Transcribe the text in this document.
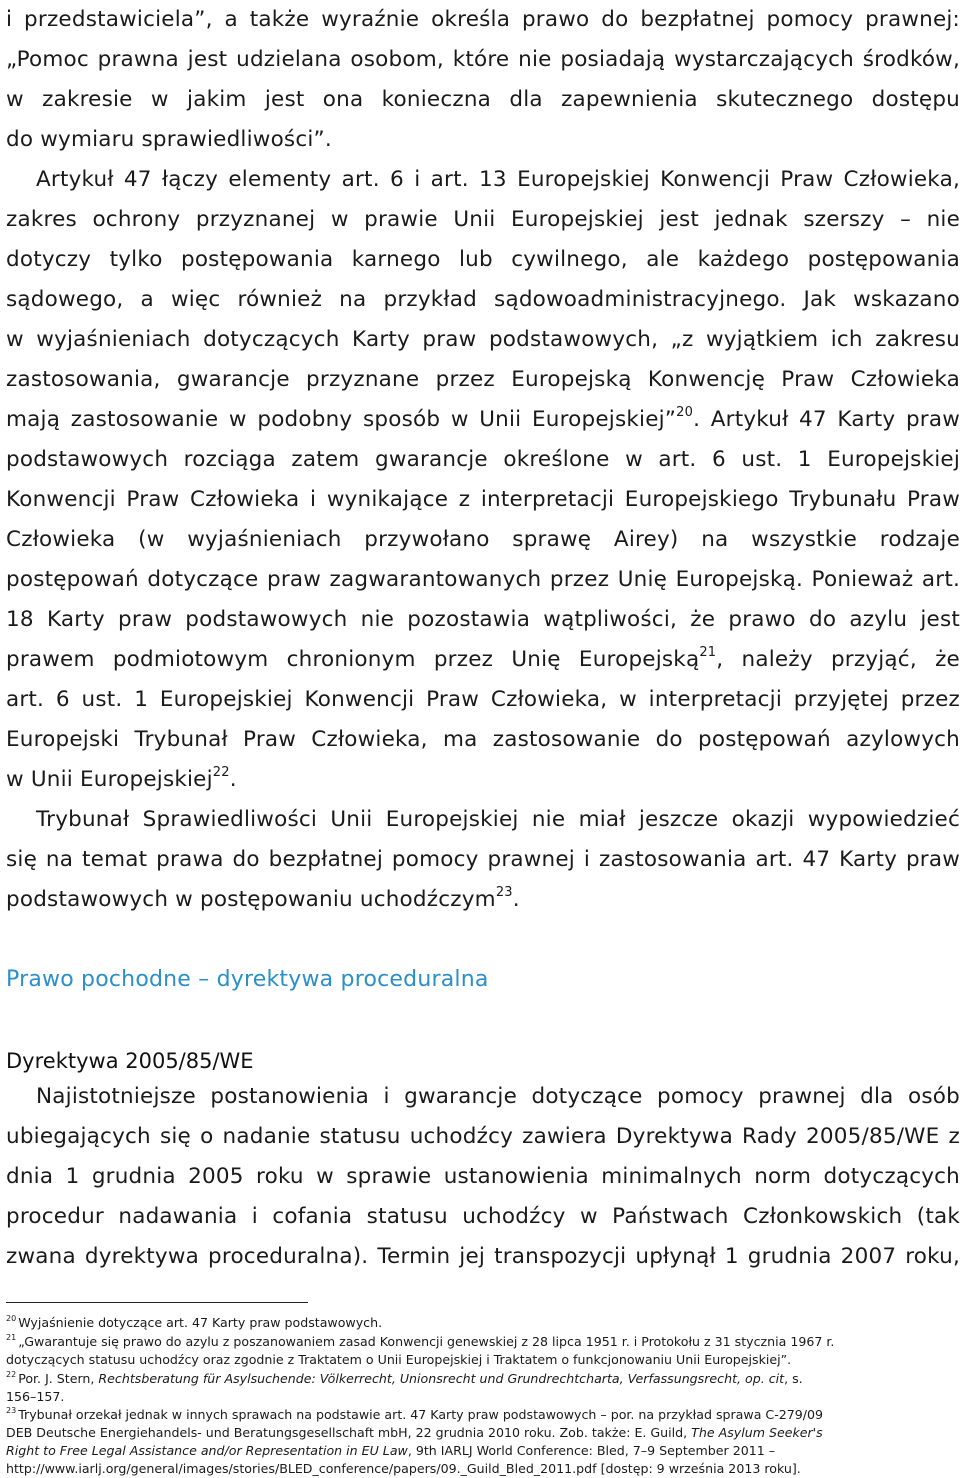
i przedstawiciela”, a także wyraźnie określa prawo do bezpłatnej pomocy prawnej:
„Pomoc prawna jest udzielana osobom, które nie posiadają wystarczających środków,
w zakresie w jakim jest ona konieczna dla zapewnienia skutecznego dostępu
do wymiaru sprawiedliwości”.
Artykuł 47 łączy elementy art. 6 i art. 13 Europejskiej Konwencji Praw Człowieka,
zakres ochrony przyznanej w prawie Unii Europejskiej jest jednak szerszy – nie
dotyczy tylko postępowania karnego lub cywilnego, ale każdego postępowania
sądowego, a więc również na przykład sądowoadministracyjnego. Jak wskazano
w wyjaśnieniach dotyczących Karty praw podstawowych, „z wyjątkiem ich zakresu
zastosowania, gwarancje przyznane przez Europejską Konwencję Praw Człowieka
mają zastosowanie w podobny sposób w Unii Europejskiej”$^{20}$. Artykuł 47 Karty praw
podstawowych rozciąga zatem gwarancje określone w art. 6 ust. 1 Europejskiej
Konwencji Praw Człowieka i wynikające z interpretacji Europejskiego Trybunału Praw
Człowieka (w wyjaśnieniach przywołano sprawę Airey) na wszystkie rodzaje
postępowań dotyczące praw zagwarantowanych przez Unię Europejską. Ponieważ art.
18 Karty praw podstawowych nie pozostawia wątpliwości, że prawo do azylu jest
prawem podmiotowym chronionym przez Unię Europejską$^{21}$, należy przyjąć, że
art. 6 ust. 1 Europejskiej Konwencji Praw Człowieka, w interpretacji przyjętej przez
Europejski Trybunał Praw Człowieka, ma zastosowanie do postępowań azylowych
w Unii Europejskiej$^{22}$.
Trybunał Sprawiedliwości Unii Europejskiej nie miał jeszcze okazji wypowiedzieć
się na temat prawa do bezpłatnej pomocy prawnej i zastosowania art. 47 Karty praw
podstawowych w postępowaniu uchodźczym$^{23}$.
Prawo pochodne – dyrektywa proceduralna
Dyrektywa 2005/85/WE
Najistotniejsze postanowienia i gwarancje dotyczące pomocy prawnej dla osób
ubiegających się o nadanie statusu uchodźcy zawiera Dyrektywa Rady 2005/85/WE z
dnia 1 grudnia 2005 roku w sprawie ustanowienia minimalnych norm dotyczących
procedur nadawania i cofania statusu uchodźcy w Państwach Członkowskich (tak
zwana dyrektywa proceduralna). Termin jej transpozycji upłynął 1 grudnia 2007 roku,
$^{20}$ Wyjaśnienie dotyczące art. 47 Karty praw podstawowych.
$^{21}$ „Gwarantuje się prawo do azylu z poszanowaniem zasad Konwencji genewskiej z 28 lipca 1951 r. i Protokołu z 31 stycznia 1967 r.
dotyczących statusu uchodźcy oraz zgodnie z Traktatem o Unii Europejskiej i Traktatem o funkcjonowaniu Unii Europejskiej”.
$^{22}$ Por. J. Stern, Rechtsberatung für Asylsuchende: Völkerrecht, Unionsrecht und Grundrechtcharta, Verfassungsrecht, op. cit, s.
156–157.
$^{23}$ Trybunał orzekał jednak w innych sprawach na podstawie art. 47 Karty praw podstawowych – por. na przykład sprawa C-279/09
DEB Deutsche Energiehandels- und Beratungsgesellschaft mbH, 22 grudnia 2010 roku. Zob. także: E. Guild, The Asylum Seeker's
Right to Free Legal Assistance and/or Representation in EU Law, 9th IARLJ World Conference: Bled, 7–9 September 2011 –
http://www.iarlj.org/general/images/stories/BLED_conference/papers/09._Guild_Bled_2011.pdf [dostęp: 9 września 2013 roku].
